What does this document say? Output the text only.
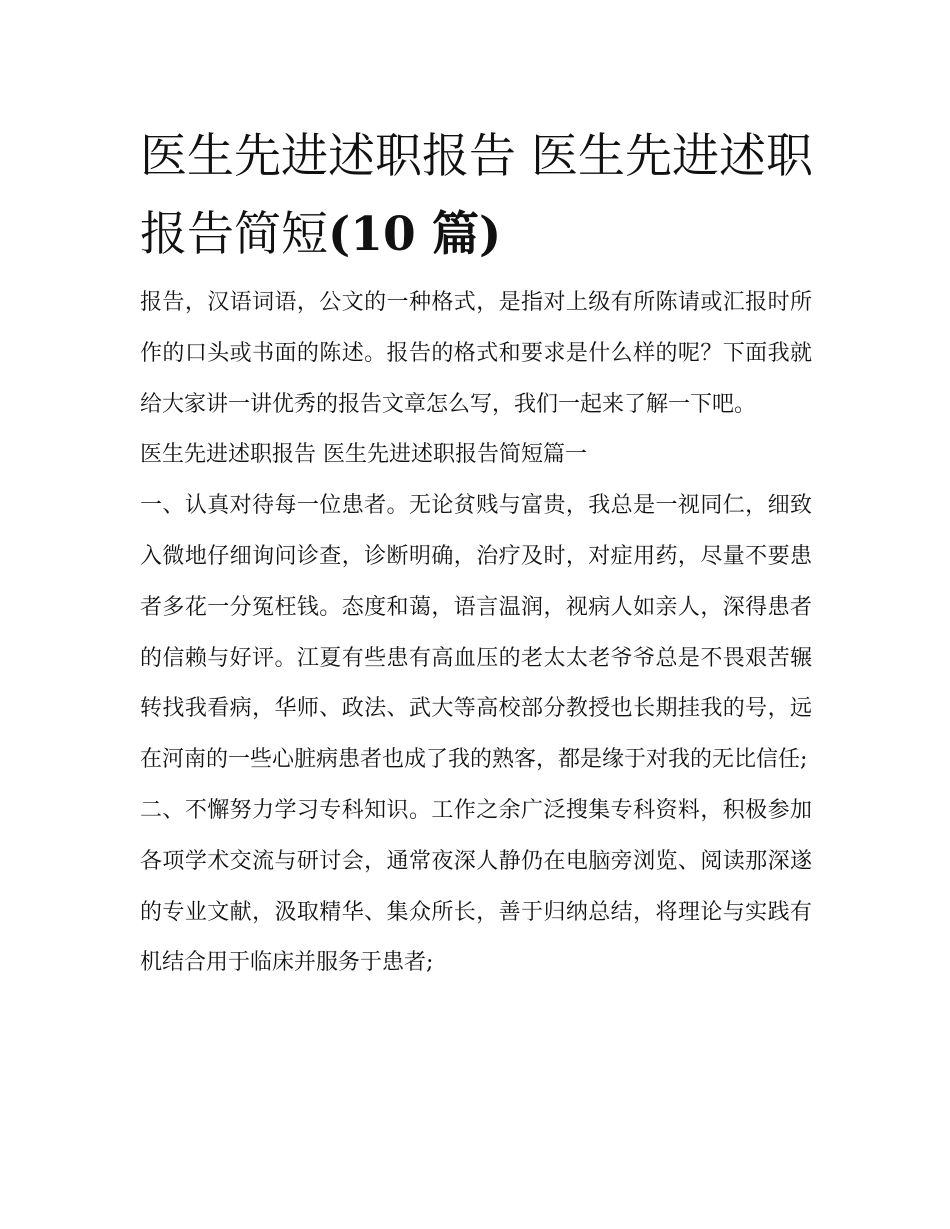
医生先进述职报告 医生先进述职报告简短(10 篇)

报告，汉语词语，公文的一种格式，是指对上级有所陈请或汇报时所作的口头或书面的陈述。报告的格式和要求是什么样的呢？下面我就给大家讲一讲优秀的报告文章怎么写，我们一起来了解一下吧。

医生先进述职报告 医生先进述职报告简短篇一

一、认真对待每一位患者。无论贫贱与富贵，我总是一视同仁，细致入微地仔细询问诊查，诊断明确，治疗及时，对症用药，尽量不要患者多花一分冤枉钱。态度和蔼，语言温润，视病人如亲人，深得患者的信赖与好评。江夏有些患有高血压的老太太老爷爷总是不畏艰苦辗转找我看病，华师、政法、武大等高校部分教授也长期挂我的号，远在河南的一些心脏病患者也成了我的熟客，都是缘于对我的无比信任;

二、不懈努力学习专科知识。工作之余广泛搜集专科资料，积极参加各项学术交流与研讨会，通常夜深人静仍在电脑旁浏览、阅读那深遂的专业文献，汲取精华、集众所长，善于归纳总结，将理论与实践有机结合用于临床并服务于患者;
